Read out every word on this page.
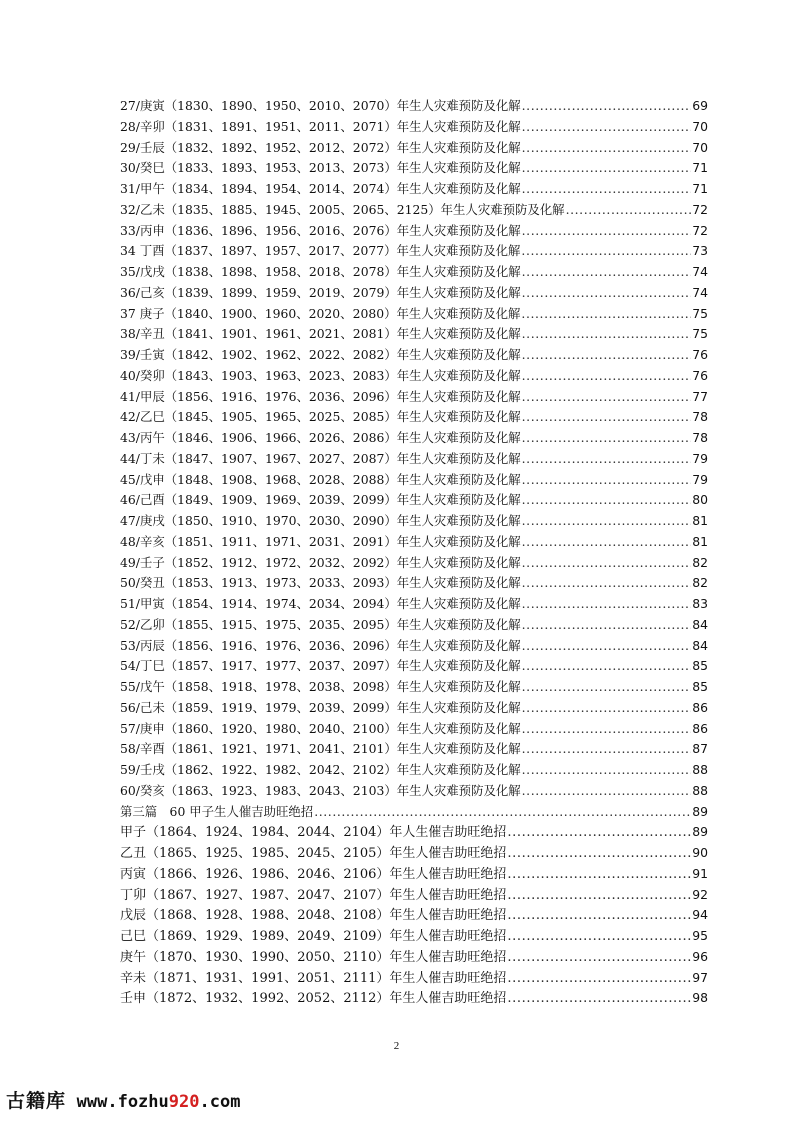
27/庚寅（1830、1890、1950、2010、2070）年生人灾难预防及化解 .....	69
28/辛卯（1831、1891、1951、2011、2071）年生人灾难预防及化解 .....	70
29/壬辰（1832、1892、1952、2012、2072）年生人灾难预防及化解 .....	70
30/癸巳（1833、1893、1953、2013、2073）年生人灾难预防及化解 .....	71
31/甲午（1834、1894、1954、2014、2074）年生人灾难预防及化解 .....	71
32/乙未（1835、1885、1945、2005、2065、2125）年生人灾难预防及化解 .....	72
33/丙申（1836、1896、1956、2016、2076）年生人灾难预防及化解 .....	72
34 丁酉（1837、1897、1957、2017、2077）年生人灾难预防及化解 .....	73
35/戊戌（1838、1898、1958、2018、2078）年生人灾难预防及化解 .....	74
36/己亥（1839、1899、1959、2019、2079）年生人灾难预防及化解 .....	74
37 庚子（1840、1900、1960、2020、2080）年生人灾难预防及化解 .....	75
38/辛丑（1841、1901、1961、2021、2081）年生人灾难预防及化解 .....	75
39/壬寅（1842、1902、1962、2022、2082）年生人灾难预防及化解 .....	76
40/癸卯（1843、1903、1963、2023、2083）年生人灾难预防及化解 .....	76
41/甲辰（1856、1916、1976、2036、2096）年生人灾难预防及化解 .....	77
42/乙巳（1845、1905、1965、2025、2085）年生人灾难预防及化解 .....	78
43/丙午（1846、1906、1966、2026、2086）年生人灾难预防及化解 .....	78
44/丁未（1847、1907、1967、2027、2087）年生人灾难预防及化解 .....	79
45/戊申（1848、1908、1968、2028、2088）年生人灾难预防及化解 .....	79
46/己酉（1849、1909、1969、2039、2099）年生人灾难预防及化解 .....	80
47/庚戌（1850、1910、1970、2030、2090）年生人灾难预防及化解 .....	81
48/辛亥（1851、1911、1971、2031、2091）年生人灾难预防及化解 .....	81
49/壬子（1852、1912、1972、2032、2092）年生人灾难预防及化解 .....	82
50/癸丑（1853、1913、1973、2033、2093）年生人灾难预防及化解 .....	82
51/甲寅（1854、1914、1974、2034、2094）年生人灾难预防及化解 .....	83
52/乙卯（1855、1915、1975、2035、2095）年生人灾难预防及化解 .....	84
53/丙辰（1856、1916、1976、2036、2096）年生人灾难预防及化解 .....	84
54/丁巳（1857、1917、1977、2037、2097）年生人灾难预防及化解 .....	85
55/戊午（1858、1918、1978、2038、2098）年生人灾难预防及化解 .....	85
56/己未（1859、1919、1979、2039、2099）年生人灾难预防及化解 .....	86
57/庚申（1860、1920、1980、2040、2100）年生人灾难预防及化解 .....	86
58/辛酉（1861、1921、1971、2041、2101）年生人灾难预防及化解 .....	87
59/壬戌（1862、1922、1982、2042、2102）年生人灾难预防及化解 .....	88
60/癸亥（1863、1923、1983、2043、2103）年生人灾难预防及化解 .....	88
第三篇　60 甲子生人催吉助旺绝招 .....	89
甲子（1864、1924、1984、2044、2104）年人生催吉助旺绝招 .....	89
乙丑（1865、1925、1985、2045、2105）年生人催吉助旺绝招 .....	90
丙寅（1866、1926、1986、2046、2106）年生人催吉助旺绝招 .....	91
丁卯（1867、1927、1987、2047、2107）年生人催吉助旺绝招 .....	92
戊辰（1868、1928、1988、2048、2108）年生人催吉助旺绝招 .....	94
己巳（1869、1929、1989、2049、2109）年生人催吉助旺绝招 .....	95
庚午（1870、1930、1990、2050、2110）年生人催吉助旺绝招 .....	96
辛未（1871、1931、1991、2051、2111）年生人催吉助旺绝招 .....	97
壬申（1872、1932、1992、2052、2112）年生人催吉助旺绝招 .....	98
2
古籍库 www.fozhu920.com
